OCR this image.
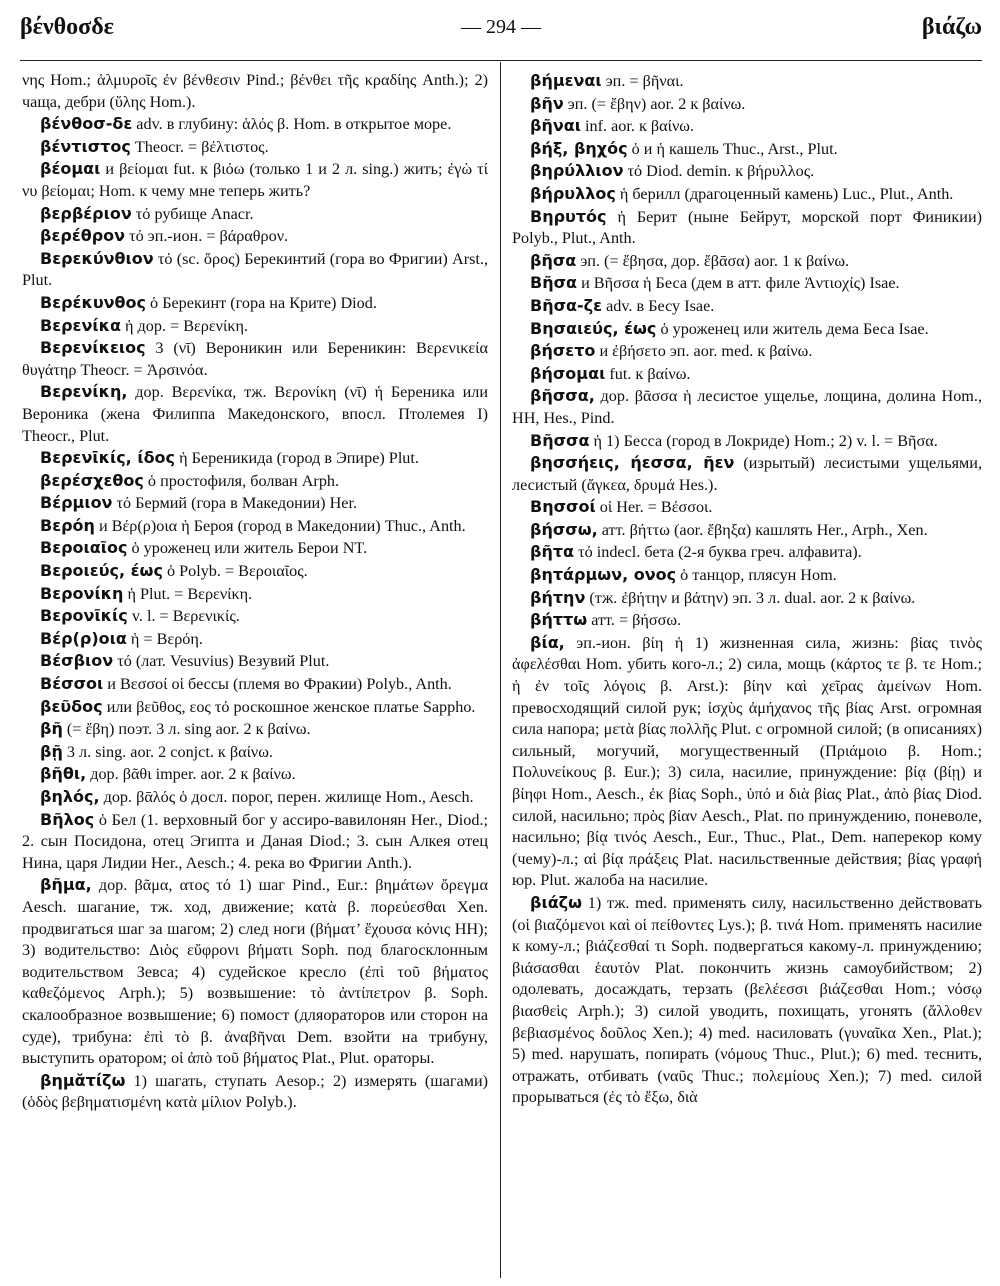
βένθοσδε	— 294 —	βιάζω

νης Hom.; ἁλμυροῖς ἐν βένθεσιν Pind.; βένθει τῆς κραδίης Anth.); 2) чаща, дебри (ὕλης Hom.).

βένθοσ-δε adv. в глубину: ἁλός β. Hom. в открытое море.

βέντιστος Theocr. = βέλτιστος.

βέομαι и βείομαι fut. к βιόω (только 1 и 2 л. sing.) жить; ἐγὼ τί νυ βείομαι; Hom. к чему мне теперь жить?

βερβέριον τό рубище Anacr.

βερέθρον τό эп.-ион. = βάραθρον.

Βερεκύνθιον τό (sc. ὄρος) Берекинтий (гора во Фригии) Arst., Plut.

Βερέκυνθος ὁ Берекинт (гора на Крите) Diod.

Βερενίκα ἡ дор. = Βερενίκη.

Βερενίκειος 3 (νῑ) Вероникин или Береникин: Βερενικεία θυγάτηρ Theocr. = Ἀρσινόα.

Βερενίκη, дор. Βερενίκα, тж. Βερονίκη (νῑ) ἡ Береника или Вероника (жена Филиппа Македонского, впосл. Птолемея I) Theocr., Plut.

Βερενῑκίς, ίδος ἡ Береникида (город в Эпире) Plut.

βερέσχεθος ὁ простофиля, болван Arph.

Βέρμιον τό Бермий (гора в Македонии) Her.

Βερόη и Βέρ(ρ)οια ἡ Бероя (город в Македонии) Thuc., Anth.

Βεροιαῖος ὁ уроженец или житель Берои NT.

Βεροιεύς, έως ὁ Polyb. = Βεροιαῖος.

Βερονίκη ἡ Plut. = Βερενίκη.

Βερονῖκίς v. l. = Βερενικίς.

Βέρ(ρ)οια ἡ = Βερόη.

Βέσβιον τό (лат. Vesuvius) Везувий Plut.

Βέσσοι и Βεσσοί οἱ бессы (племя во Фракии) Polyb., Anth.

βεῦδος или βεῦθος, εος τό роскошное женское платье Sappho.

βῆ (= ἔβη) поэт. 3 л. sing aor. 2 к βαίνω.

βῇ 3 л. sing. aor. 2 conjct. к βαίνω.

βῆθι, дор. βᾶθι imper. aor. 2 к βαίνω.

βηλός, дор. βᾱλός ὁ досл. порог, перен. жилище Hom., Aesch.

Βῆλος ὁ Бел (1. верховный бог у ассиро-вавилонян Her., Diod.; 2. сын Посидона, отец Эгипта и Даная Diod.; 3. сын Алкея отец Нина, царя Лидии Her., Aesch.; 4. река во Фригии Anth.).

βῆμα, дор. βᾶμα, ατος τό 1) шаг Pind., Eur.: βημάτων ὄρεγμα Aesch. шагание, тж. ход, движение; κατὰ β. πορεύεσθαι Xen. продвигаться шаг за шагом; 2) след ноги (βήματ’ ἔχουσα κόνις HH); 3) водительство: Διὸς εὔφρονι βήματι Soph. под благосклонным водительством Зевса; 4) судейское кресло (ἐπὶ τοῦ βήματος καθεζόμενος Arph.); 5) возвышение: τὸ ἀντίπετρον β. Soph. скалообразное возвышение; 6) помост (дляораторов или сторон на суде), трибуна: ἐπὶ τὸ β. ἀναβῆναι Dem. взойти на трибуну, выступить оратором; οἱ ἀπὸ τοῦ βήματος Plat., Plut. ораторы.

βημᾰτίζω 1) шагать, ступать Aesop.; 2) измерять (шагами) (ὁδὸς βεβηματισμένη κατὰ μίλιον Polyb.).

βήμεναι эп. = βῆναι.

βῆν эп. (= ἔβην) aor. 2 к βαίνω.

βῆναι inf. aor. к βαίνω.

βήξ, βηχός ὁ и ἡ кашель Thuc., Arst., Plut.

βηρύλλιον τό Diod. demin. к βήρυλλος.

βήρυλλος ἡ берилл (драгоценный камень) Luc., Plut., Anth.

Βηρυτός ἡ Берит (ныне Бейрут, морской порт Финикии) Polyb., Plut., Anth.

βῆσα эп. (= ἔβησα, дор. ἔβᾱσα) aor. 1 к βαίνω.

Βῆσα и Βῆσσα ἡ Беса (дем в атт. филе Ἀντιοχίς) Isae.

Βῆσα-ζε adv. в Бесу Isae.

Βησαιεύς, έως ὁ уроженец или житель дема Беса Isae.

βήσετο и ἐβήσετο эп. aor. med. к βαίνω.

βήσομαι fut. к βαίνω.

βῆσσα, дор. βᾶσσα ἡ лесистое ущелье, лощина, долина Hom., HH, Hes., Pind.

Βῆσσα ἡ 1) Бесса (город в Локриде) Hom.; 2) v. l. = Βῆσα.

βησσήεις, ήεσσα, ῆεν (изрытый) лесистыми ущельями, лесистый (ἄγκεα, δρυμά Hes.).

Βησσοί οἱ Her. = Βέσσοι.

βήσσω, атт. βήττω (aor. ἔβηξα) кашлять Her., Arph., Xen.

βῆτα τό indecl. бета (2-я буква греч. алфавита).

βητάρμων, ονος ὁ танцор, плясун Hom.

βήτην (тж. ἐβήτην и βάτην) эп. 3 л. dual. aor. 2 к βαίνω.

βήττω атт. = βήσσω.

βία, эп.-ион. βίη ἡ 1) жизненная сила, жизнь: βίας τινὸς ἀφελέσθαι Hom. убить кого-л.; 2) сила, мощь (κάρτος τε β. τε Hom.; ἡ ἐν τοῖς λόγοις β. Arst.): βίην καὶ χεῖρας ἀμείνων Hom. превосходящий силой рук; ἰσχὺς ἀμήχανος τῆς βίας Arst. огромная сила напора; μετὰ βίας πολλῆς Plut. с огромной силой; (в описаниях) сильный, могучий, могущественный (Πριάμοιο β. Hom.; Πολυνείκους β. Eur.); 3) сила, насилие, принуждение: βίᾳ (βίῃ) и βίηφι Hom., Aesch., ἐκ βίας Soph., ὑπό и διὰ βίας Plat., ἀπὸ βίας Diod. силой, насильно; πρὸς βίαν Aesch., Plat. по принуждению, поневоле, насильно; βίᾳ τινός Aesch., Eur., Thuc., Plat., Dem. наперекор кому (чему)-л.; αἱ βίᾳ πράξεις Plat. насильственные действия; βίας γραφή юр. Plut. жалоба на насилие.

βιάζω 1) тж. med. применять силу, насильственно действовать (οἱ βιαζόμενοι καὶ οἱ πείθοντες Lys.); β. τινά Hom. применять насилие к кому-л.; βιάζεσθαί τι Soph. подвергаться какому-л. принуждению; βιάσασθαι ἑαυτόν Plat. покончить жизнь самоубийством; 2) одолевать, досаждать, терзать (βελέεσσι βιάζεσθαι Hom.; νόσῳ βιασθεὶς Arph.); 3) силой уводить, похищать, угонять (ἄλλοθεν βεβιασμένος δοῦλος Xen.); 4) med. насиловать (γυναῖκα Xen., Plat.); 5) med. нарушать, попирать (νόμους Thuc., Plut.); 6) med. теснить, отражать, отбивать (ναῦς Thuc.; πολεμίους Xen.); 7) med. силой прорываться (ἐς τὸ ἔξω, διὰ
